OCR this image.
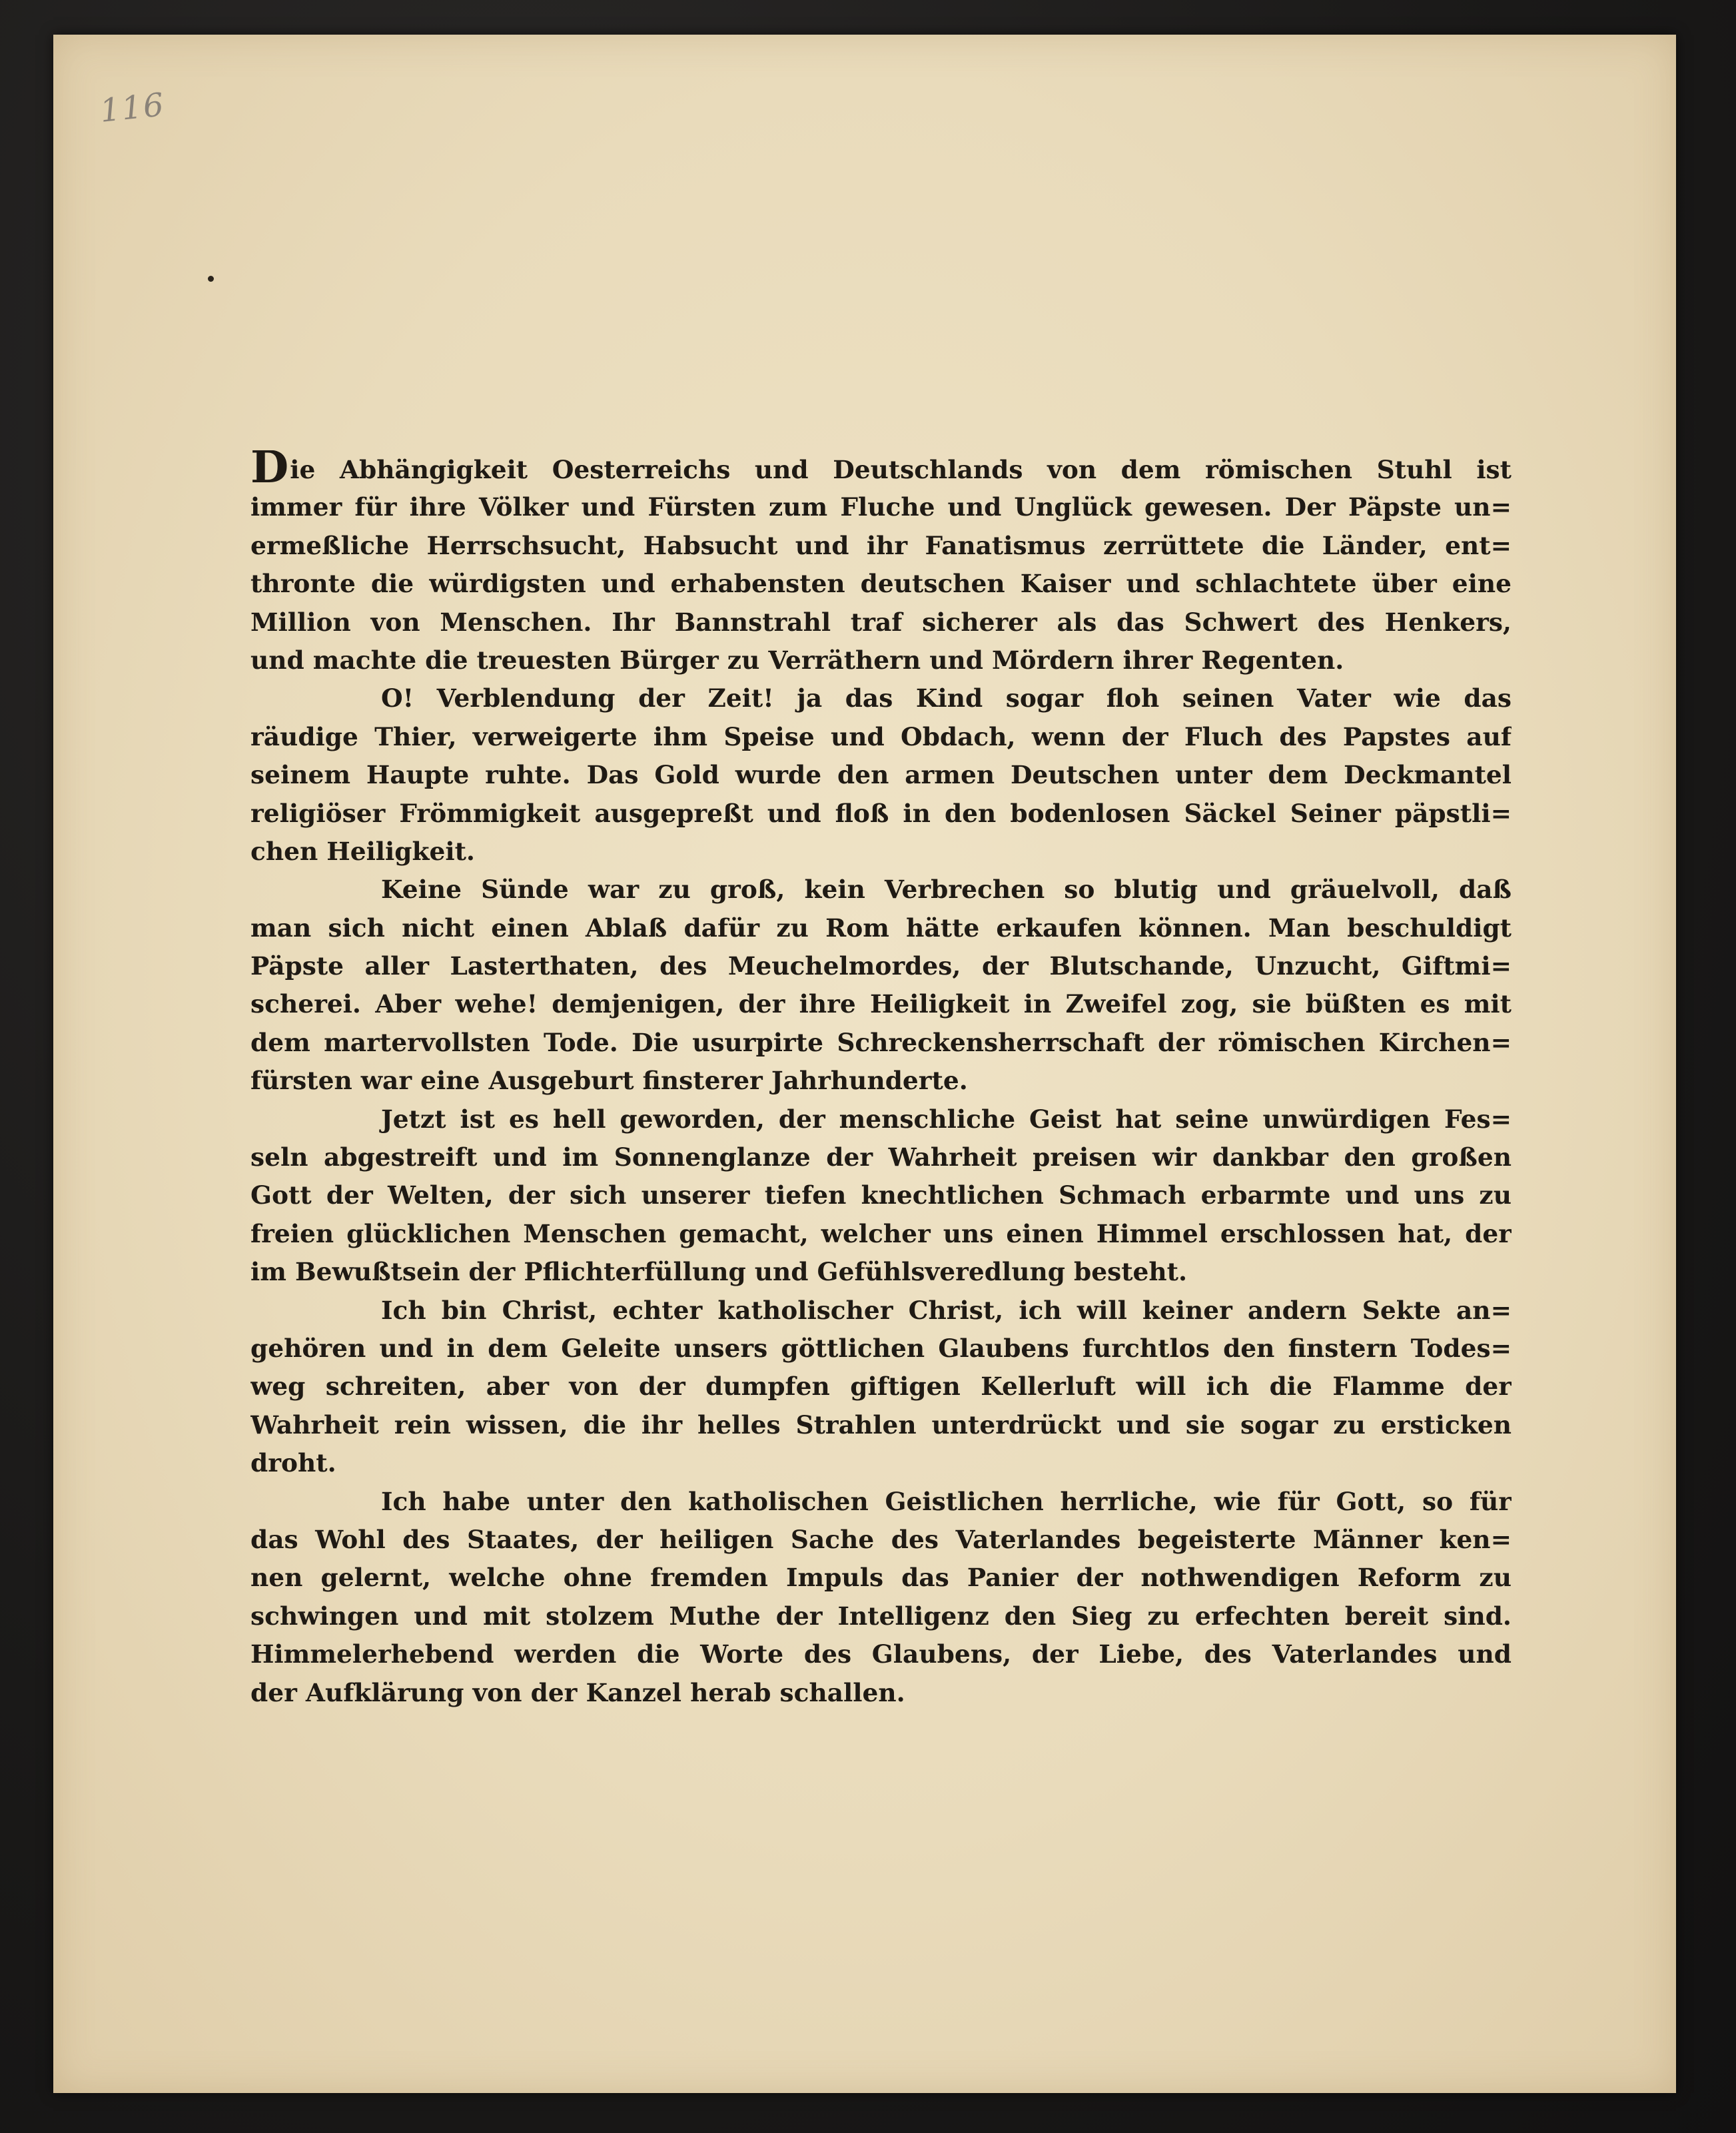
116
Die Abhängigkeit Oesterreichs und Deutschlands von dem römischen Stuhl ist
immer für ihre Völker und Fürsten zum Fluche und Unglück gewesen. Der Päpste un=
ermeßliche Herrschsucht, Habsucht und ihr Fanatismus zerrüttete die Länder, ent=
thronte die würdigsten und erhabensten deutschen Kaiser und schlachtete über eine
Million von Menschen. Ihr Bannstrahl traf sicherer als das Schwert des Henkers,
und machte die treuesten Bürger zu Verräthern und Mördern ihrer Regenten.
O! Verblendung der Zeit! ja das Kind sogar floh seinen Vater wie das
räudige Thier, verweigerte ihm Speise und Obdach, wenn der Fluch des Papstes auf
seinem Haupte ruhte. Das Gold wurde den armen Deutschen unter dem Deckmantel
religiöser Frömmigkeit ausgepreßt und floß in den bodenlosen Säckel Seiner päpstli=
chen Heiligkeit.
Keine Sünde war zu groß, kein Verbrechen so blutig und gräuelvoll, daß
man sich nicht einen Ablaß dafür zu Rom hätte erkaufen können. Man beschuldigt
Päpste aller Lasterthaten, des Meuchelmordes, der Blutschande, Unzucht, Giftmi=
scherei. Aber wehe! demjenigen, der ihre Heiligkeit in Zweifel zog, sie büßten es mit
dem martervollsten Tode. Die usurpirte Schreckensherrschaft der römischen Kirchen=
fürsten war eine Ausgeburt finsterer Jahrhunderte.
Jetzt ist es hell geworden, der menschliche Geist hat seine unwürdigen Fes=
seln abgestreift und im Sonnenglanze der Wahrheit preisen wir dankbar den großen
Gott der Welten, der sich unserer tiefen knechtlichen Schmach erbarmte und uns zu
freien glücklichen Menschen gemacht, welcher uns einen Himmel erschlossen hat, der
im Bewußtsein der Pflichterfüllung und Gefühlsveredlung besteht.
Ich bin Christ, echter katholischer Christ, ich will keiner andern Sekte an=
gehören und in dem Geleite unsers göttlichen Glaubens furchtlos den finstern Todes=
weg schreiten, aber von der dumpfen giftigen Kellerluft will ich die Flamme der
Wahrheit rein wissen, die ihr helles Strahlen unterdrückt und sie sogar zu ersticken
droht.
Ich habe unter den katholischen Geistlichen herrliche, wie für Gott, so für
das Wohl des Staates, der heiligen Sache des Vaterlandes begeisterte Männer ken=
nen gelernt, welche ohne fremden Impuls das Panier der nothwendigen Reform zu
schwingen und mit stolzem Muthe der Intelligenz den Sieg zu erfechten bereit sind.
Himmelerhebend werden die Worte des Glaubens, der Liebe, des Vaterlandes und
der Aufklärung von der Kanzel herab schallen.
